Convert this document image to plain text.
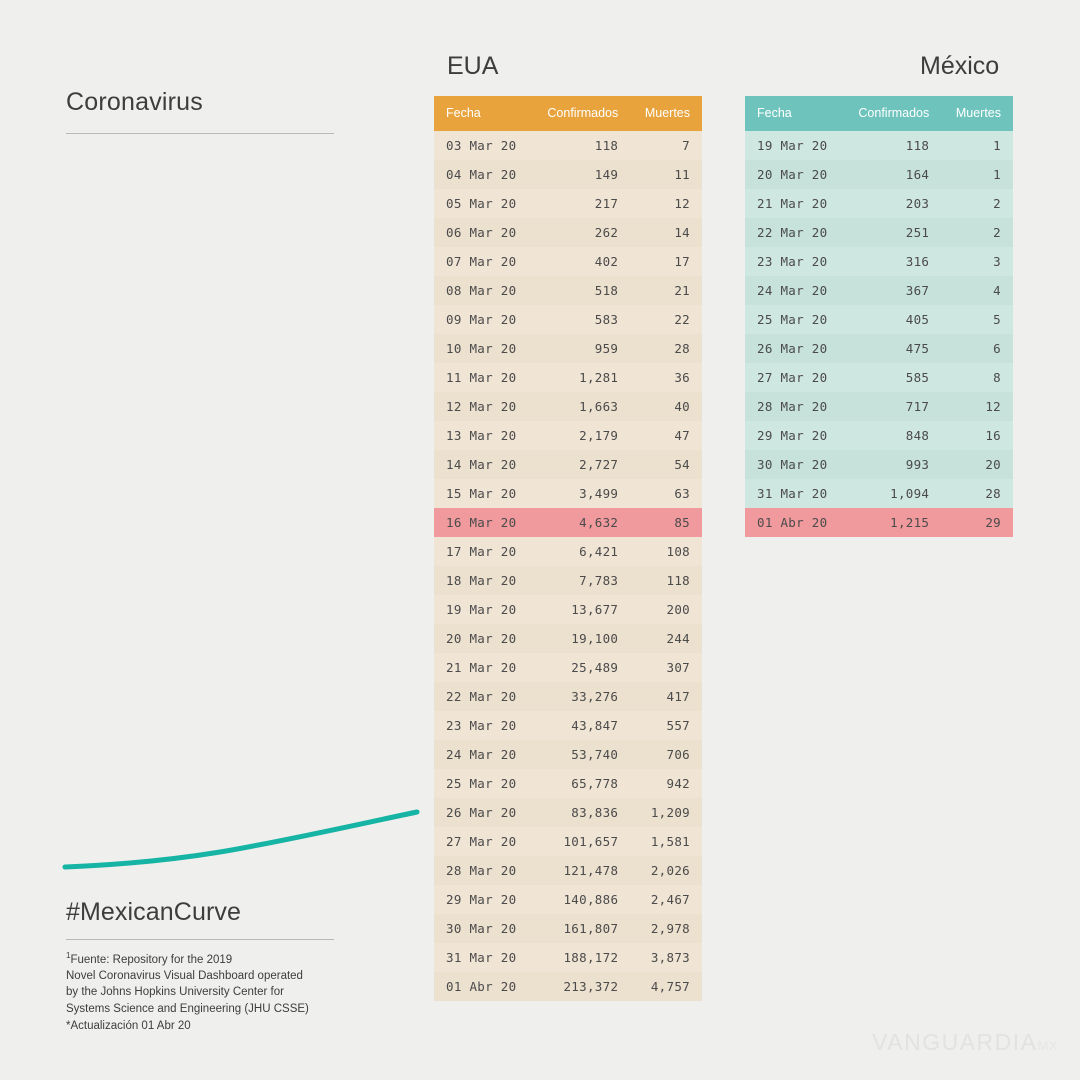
Coronavirus
#MexicanCurve
$^1$Fuente: Repository for the 2019
Novel Coronavirus Visual Dashboard operated
by the Johns Hopkins University Center for
Systems Science and Engineering (JHU CSSE)
*Actualización 01 Abr 20
EUA	México
Fecha	Confirmados	Muertes
03 Mar 20	118	7
04 Mar 20	149	11
05 Mar 20	217	12
06 Mar 20	262	14
07 Mar 20	402	17
08 Mar 20	518	21
09 Mar 20	583	22
10 Mar 20	959	28
11 Mar 20	1,281	36
12 Mar 20	1,663	40
13 Mar 20	2,179	47
14 Mar 20	2,727	54
15 Mar 20	3,499	63
16 Mar 20	4,632	85
17 Mar 20	6,421	108
18 Mar 20	7,783	118
19 Mar 20	13,677	200
20 Mar 20	19,100	244
21 Mar 20	25,489	307
22 Mar 20	33,276	417
23 Mar 20	43,847	557
24 Mar 20	53,740	706
25 Mar 20	65,778	942
26 Mar 20	83,836	1,209
27 Mar 20	101,657	1,581
28 Mar 20	121,478	2,026
29 Mar 20	140,886	2,467
30 Mar 20	161,807	2,978
31 Mar 20	188,172	3,873
01 Abr 20	213,372	4,757
Fecha	Confirmados	Muertes
19 Mar 20	118	1
20 Mar 20	164	1
21 Mar 20	203	2
22 Mar 20	251	2
23 Mar 20	316	3
24 Mar 20	367	4
25 Mar 20	405	5
26 Mar 20	475	6
27 Mar 20	585	8
28 Mar 20	717	12
29 Mar 20	848	16
30 Mar 20	993	20
31 Mar 20	1,094	28
01 Abr 20	1,215	29
VANGUARDIAMX
